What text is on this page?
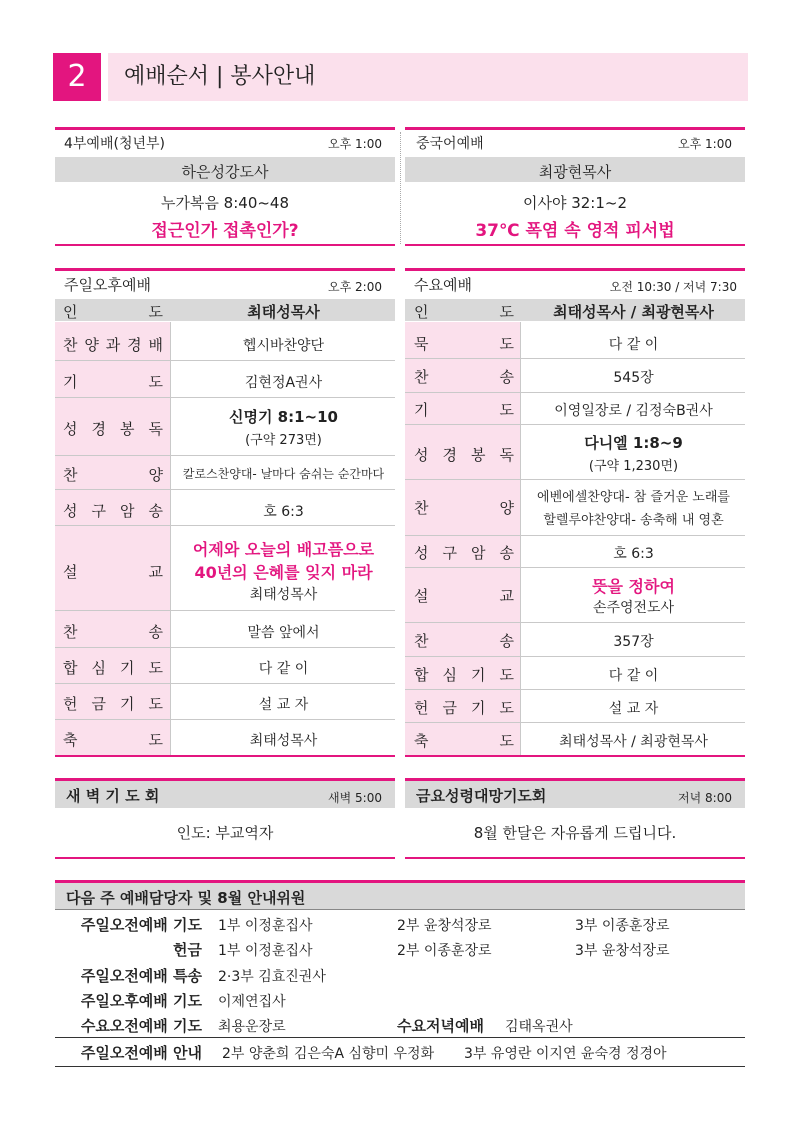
2	예배순서 | 봉사안내
4부예배(청년부)	오후 1:00
하은성강도사
누가복음 8:40~48
접근인가 접촉인가?
중국어예배	오후 1:00
최광현목사
이사야 32:1~2
37℃ 폭염 속 영적 피서법
주일오후예배	오후 2:00
인	도	최태성목사
찬 양 과 경 배	헵시바찬양단
기	도	김현정A권사
성 경 봉 독
신명기 8:1~10
(구약 273면)
찬	양	칼로스찬양대- 날마다 숨쉬는 순간마다
성 구 암 송	호 6:3
설	교
어제와 오늘의 배고픔으로
40년의 은혜를 잊지 마라
최태성목사
찬	송	말씀 앞에서
합 심 기 도	다 같 이
헌 금 기 도	설 교 자
축	도	최태성목사
수요예배	오전 10:30 / 저녁 7:30
인	도	최태성목사 / 최광현목사
묵	도	다 같 이
찬	송	545장
기	도	이영일장로 / 김정숙B권사
성 경 봉 독
다니엘 1:8~9
(구약 1,230면)
찬	양
에벤에셀찬양대- 참 즐거운 노래를
할렐루야찬양대- 송축해 내 영혼
성 구 암 송	호 6:3
설	교	뜻을 정하여
손주영전도사
찬	송	357장
합 심 기 도	다 같 이
헌 금 기 도	설 교 자
축	도	최태성목사 / 최광현목사
새 벽 기 도 회	새벽 5:00
인도: 부교역자
금요성령대망기도회	저녁 8:00
8월 한달은 자유롭게 드립니다.
다음 주 예배담당자 및 8월 안내위원
주일오전예배 기도 1부 이정훈집사	2부 윤창석장로	3부 이종훈장로
헌금 1부 이정훈집사	2부 이종훈장로	3부 윤창석장로
주일오전예배 특송 2·3부 김효진권사
주일오후예배 기도 이제연집사
수요오전예배 기도 최용운장로	수요저녁예배 김태옥권사
주일오전예배 안내 2부 양춘희 김은숙A 심향미 우정화 3부 유영란 이지연 윤숙경 정경아
